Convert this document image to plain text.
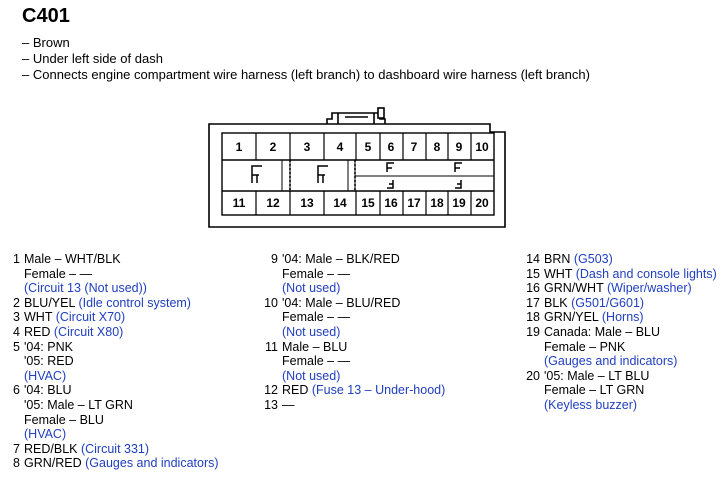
C401
– Brown
– Under left side of dash
– Connects engine compartment wire harness (left branch) to dashboard wire harness (left branch)
1 2 3 4 5 6 7 8 9 10
11 12 13 14 15 16 17 18 19 20
1 Male – WHT/BLK
Female – —
(Circuit 13 (Not used))
2 BLU/YEL (Idle control system)
3 WHT (Circuit X70)
4 RED (Circuit X80)
5 '04: PNK
'05: RED
(HVAC)
6 '04: BLU
'05: Male – LT GRN
Female – BLU
(HVAC)
7 RED/BLK (Circuit 331)
8 GRN/RED (Gauges and indicators)
9 '04: Male – BLK/RED
Female – —
(Not used)
10 '04: Male – BLU/RED
Female – —
(Not used)
11 Male – BLU
Female – —
(Not used)
12 RED (Fuse 13 – Under-hood)
13 —
14 BRN (G503)
15 WHT (Dash and console lights)
16 GRN/WHT (Wiper/washer)
17 BLK (G501/G601)
18 GRN/YEL (Horns)
19 Canada: Male – BLU
Female – PNK
(Gauges and indicators)
20 '05: Male – LT BLU
Female – LT GRN
(Keyless buzzer)
